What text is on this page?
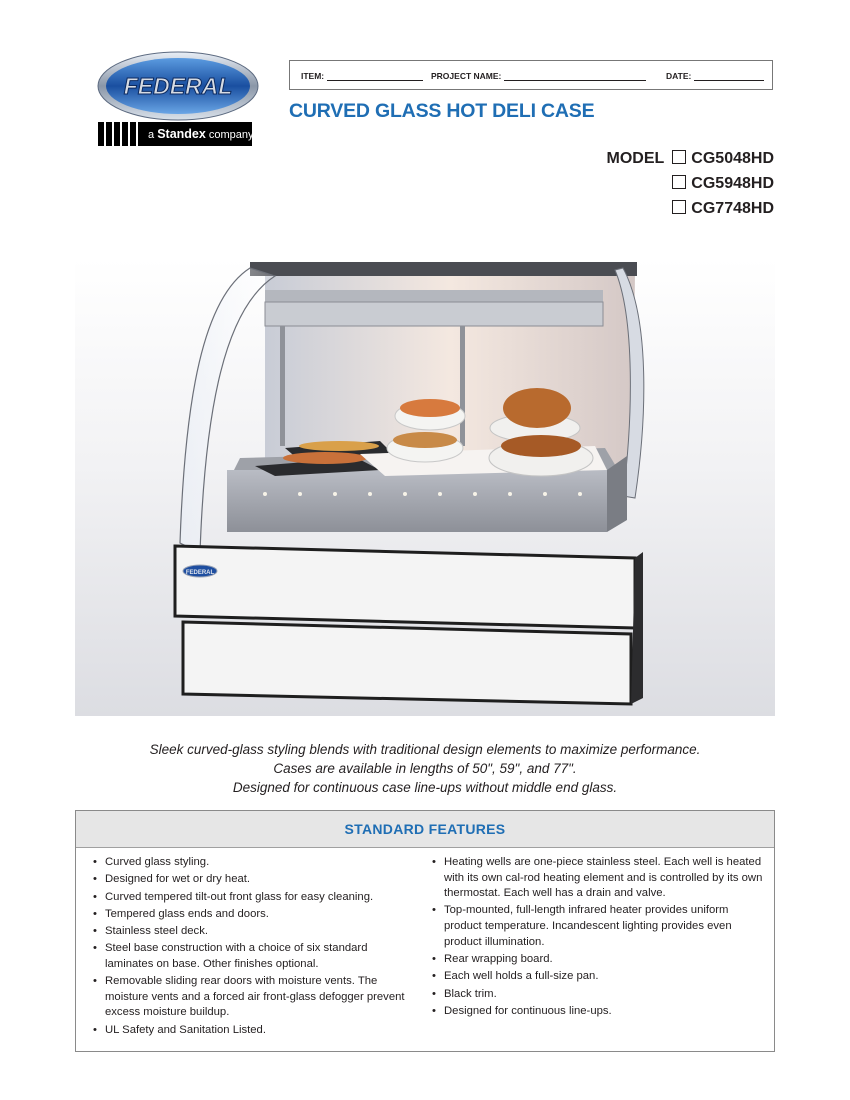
FEDERAL
a Standex company
ITEM:	PROJECT NAME:	DATE:
CURVED GLASS HOT DELI CASE
MODEL CG5048HD
CG5948HD
CG7748HD
FEDERAL
Sleek curved-glass styling blends with traditional design elements to maximize performance.
Cases are available in lengths of 50", 59", and 77".
Designed for continuous case line-ups without middle end glass.
STANDARD FEATURES
• Curved glass styling.
• Designed for wet or dry heat.
• Curved tempered tilt-out front glass for easy cleaning.
• Tempered glass ends and doors.
• Stainless steel deck.
• Steel base construction with a choice of six standard laminates on base. Other finishes optional.
• Removable sliding rear doors with moisture vents. The moisture vents and a forced air front-glass defogger prevent excess moisture buildup.
• UL Safety and Sanitation Listed.
• Heating wells are one-piece stainless steel. Each well is heated with its own cal-rod heating element and is controlled by its own thermostat. Each well has a drain and valve.
• Top-mounted, full-length infrared heater provides uniform product temperature. Incandescent lighting provides even product illumination.
• Rear wrapping board.
• Each well holds a full-size pan.
• Black trim.
• Designed for continuous line-ups.
